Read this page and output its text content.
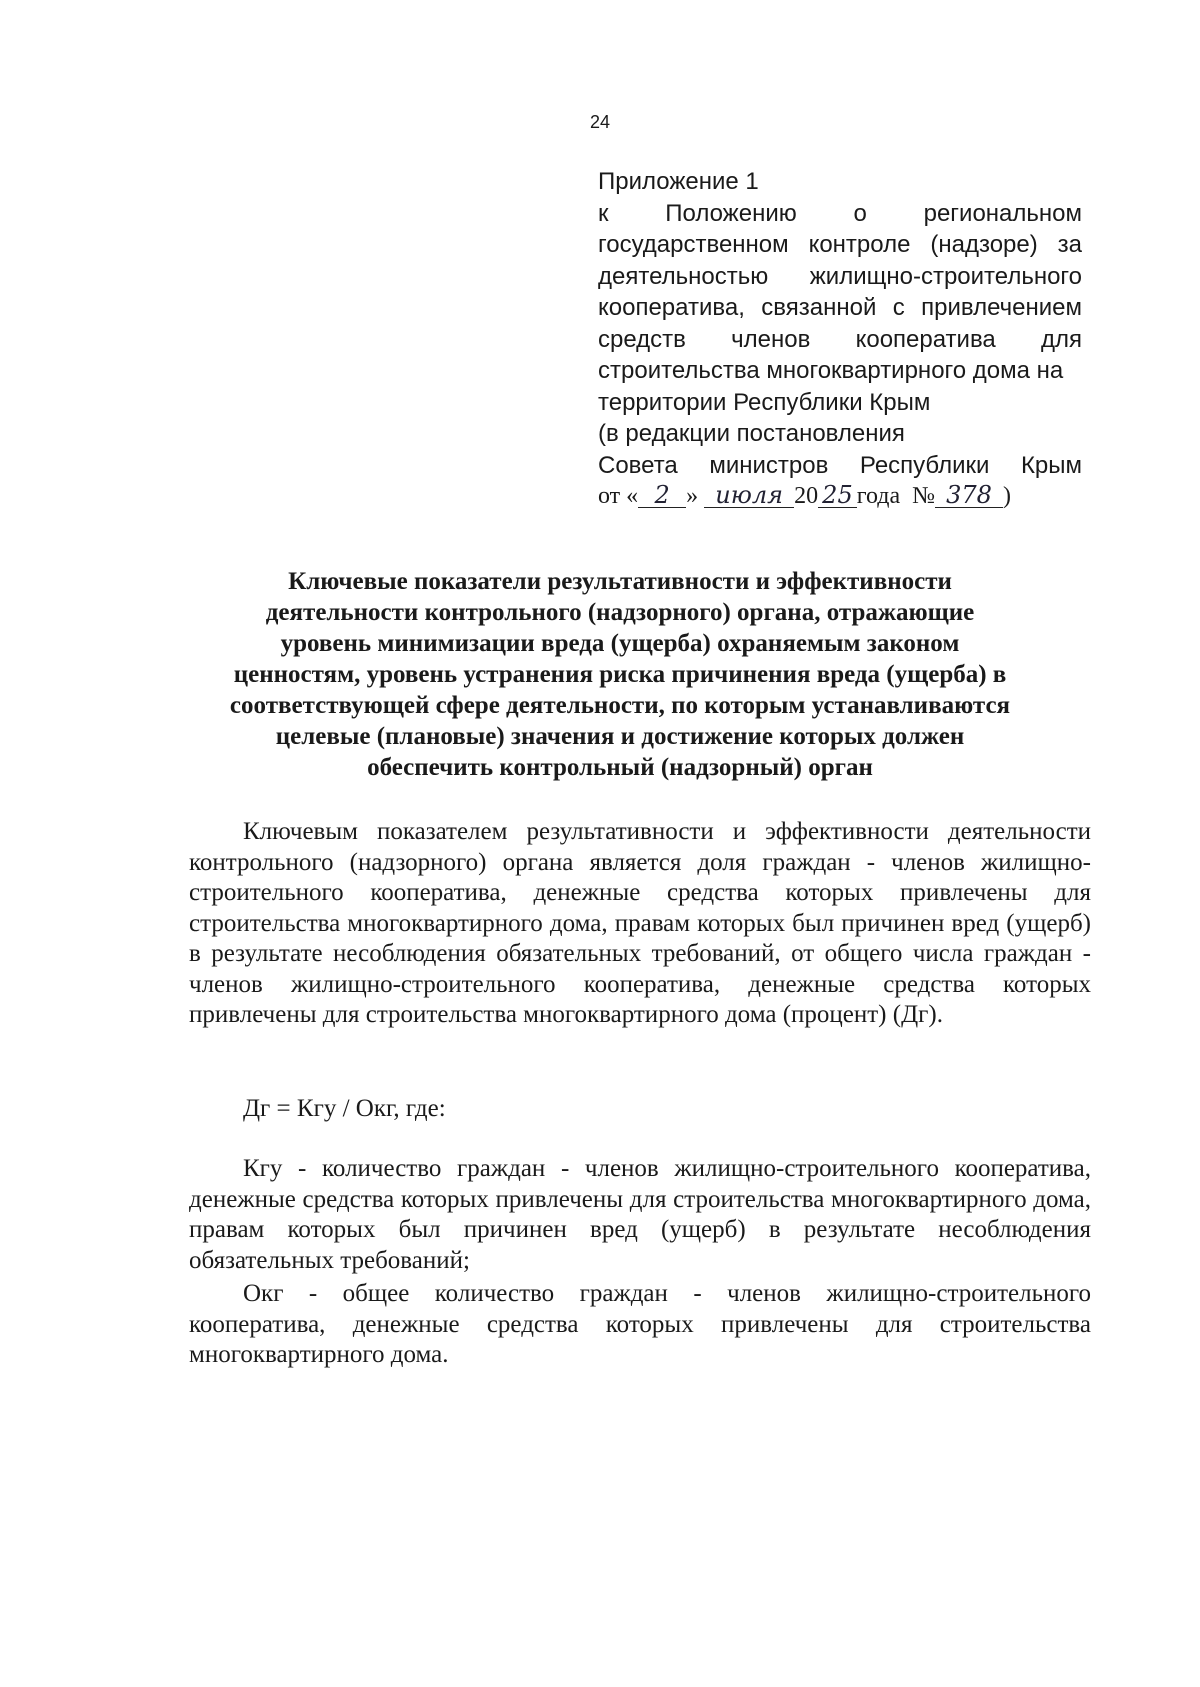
24
Приложение 1
к Положению о региональном
государственном контроле (надзоре) за
деятельностью жилищно-строительного
кооператива, связанной с привлечением
средств членов кооператива для
строительства многоквартирного дома на
территории Республики Крым
(в редакции постановления
Совета министров Республики Крым
от « 2 » июля 20 25 года № 378 )
Ключевые показатели результативности и эффективности деятельности контрольного (надзорного) органа, отражающие уровень минимизации вреда (ущерба) охраняемым законом ценностям, уровень устранения риска причинения вреда (ущерба) в соответствующей сфере деятельности, по которым устанавливаются целевые (плановые) значения и достижение которых должен обеспечить контрольный (надзорный) орган

Ключевым показателем результативности и эффективности деятельности контрольного (надзорного) органа является доля граждан - членов жилищно-строительного кооператива, денежные средства которых привлечены для строительства многоквартирного дома, правам которых был причинен вред (ущерб) в результате несоблюдения обязательных требований, от общего числа граждан - членов жилищно-строительного кооператива, денежные средства которых привлечены для строительства многоквартирного дома (процент) (Дг).

Дг = Кгу / Окг, где:

Кгу - количество граждан - членов жилищно-строительного кооператива, денежные средства которых привлечены для строительства многоквартирного дома, правам которых был причинен вред (ущерб) в результате несоблюдения обязательных требований;

Окг - общее количество граждан - членов жилищно-строительного кооператива, денежные средства которых привлечены для строительства многоквартирного дома.
